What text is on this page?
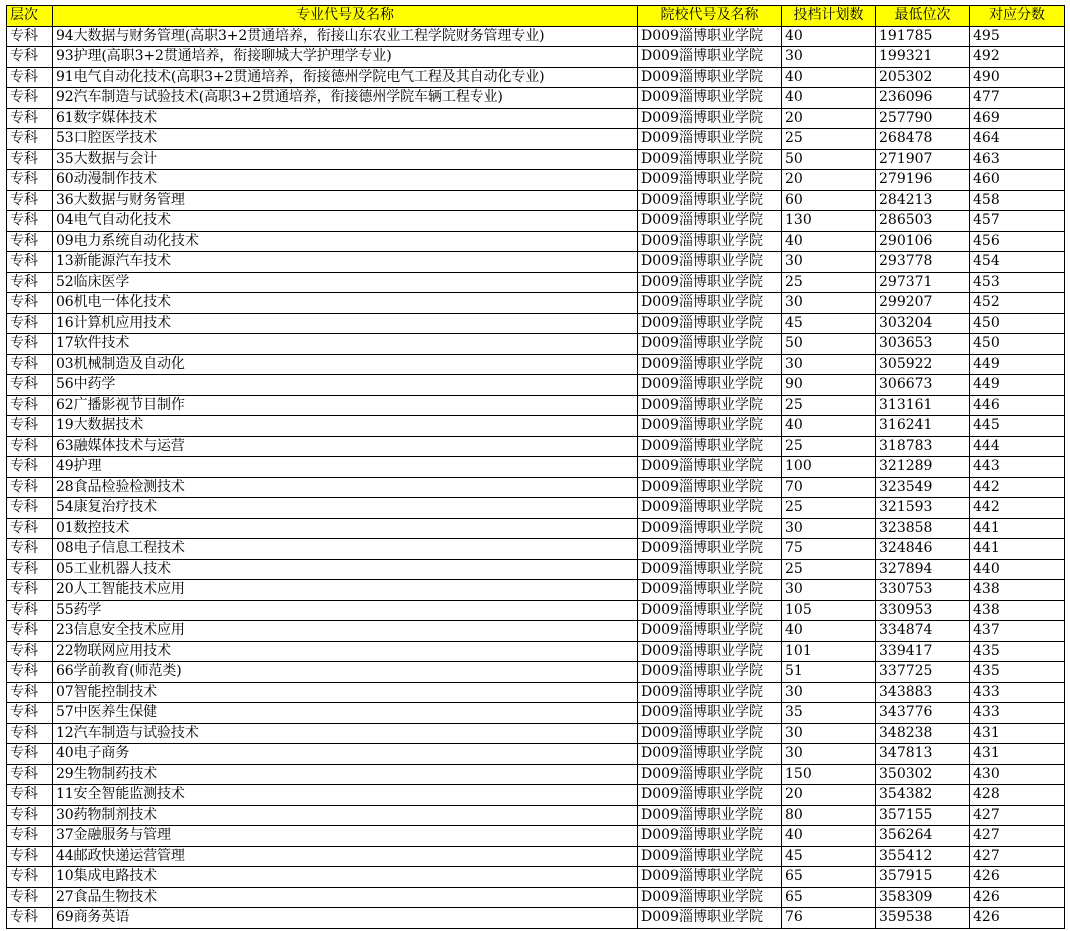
层次	专业代号及名称	院校代号及名称	投档计划数	最低位次	对应分数
专科	94大数据与财务管理(高职3+2贯通培养，衔接山东农业工程学院财务管理专业)	D009淄博职业学院	40	191785	495
专科	93护理(高职3+2贯通培养，衔接聊城大学护理学专业)	D009淄博职业学院	30	199321	492
专科	91电气自动化技术(高职3+2贯通培养，衔接德州学院电气工程及其自动化专业)	D009淄博职业学院	40	205302	490
专科	92汽车制造与试验技术(高职3+2贯通培养，衔接德州学院车辆工程专业)	D009淄博职业学院	40	236096	477
专科	61数字媒体技术	D009淄博职业学院	20	257790	469
专科	53口腔医学技术	D009淄博职业学院	25	268478	464
专科	35大数据与会计	D009淄博职业学院	50	271907	463
专科	60动漫制作技术	D009淄博职业学院	20	279196	460
专科	36大数据与财务管理	D009淄博职业学院	60	284213	458
专科	04电气自动化技术	D009淄博职业学院	130	286503	457
专科	09电力系统自动化技术	D009淄博职业学院	40	290106	456
专科	13新能源汽车技术	D009淄博职业学院	30	293778	454
专科	52临床医学	D009淄博职业学院	25	297371	453
专科	06机电一体化技术	D009淄博职业学院	30	299207	452
专科	16计算机应用技术	D009淄博职业学院	45	303204	450
专科	17软件技术	D009淄博职业学院	50	303653	450
专科	03机械制造及自动化	D009淄博职业学院	30	305922	449
专科	56中药学	D009淄博职业学院	90	306673	449
专科	62广播影视节目制作	D009淄博职业学院	25	313161	446
专科	19大数据技术	D009淄博职业学院	40	316241	445
专科	63融媒体技术与运营	D009淄博职业学院	25	318783	444
专科	49护理	D009淄博职业学院	100	321289	443
专科	28食品检验检测技术	D009淄博职业学院	70	323549	442
专科	54康复治疗技术	D009淄博职业学院	25	321593	442
专科	01数控技术	D009淄博职业学院	30	323858	441
专科	08电子信息工程技术	D009淄博职业学院	75	324846	441
专科	05工业机器人技术	D009淄博职业学院	25	327894	440
专科	20人工智能技术应用	D009淄博职业学院	30	330753	438
专科	55药学	D009淄博职业学院	105	330953	438
专科	23信息安全技术应用	D009淄博职业学院	40	334874	437
专科	22物联网应用技术	D009淄博职业学院	101	339417	435
专科	66学前教育(师范类)	D009淄博职业学院	51	337725	435
专科	07智能控制技术	D009淄博职业学院	30	343883	433
专科	57中医养生保健	D009淄博职业学院	35	343776	433
专科	12汽车制造与试验技术	D009淄博职业学院	30	348238	431
专科	40电子商务	D009淄博职业学院	30	347813	431
专科	29生物制药技术	D009淄博职业学院	150	350302	430
专科	11安全智能监测技术	D009淄博职业学院	20	354382	428
专科	30药物制剂技术	D009淄博职业学院	80	357155	427
专科	37金融服务与管理	D009淄博职业学院	40	356264	427
专科	44邮政快递运营管理	D009淄博职业学院	45	355412	427
专科	10集成电路技术	D009淄博职业学院	65	357915	426
专科	27食品生物技术	D009淄博职业学院	65	358309	426
专科	69商务英语	D009淄博职业学院	76	359538	426
